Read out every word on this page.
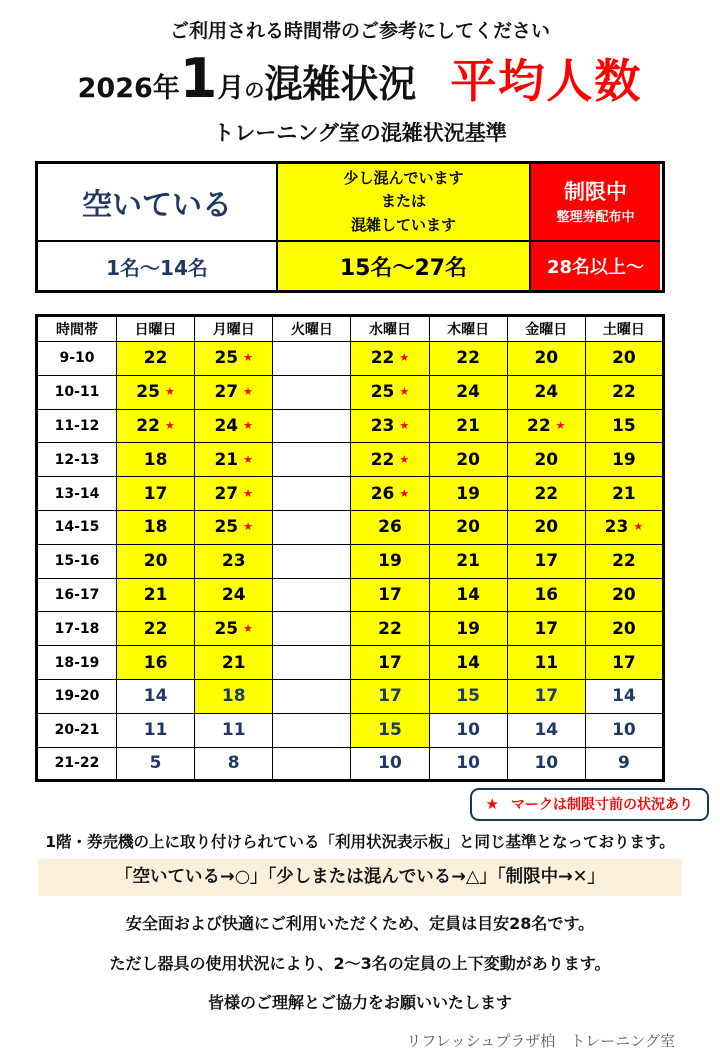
ご利用される時間帯のご参考にしてください
2026年 1 月 の 混雑状況 平均人数
トレーニング室の混雑状況基準
空いている
少し混んでいます
または
混雑しています
制限中
整理券配布中
1名～14名	15名～27名	28名以上～
時間帯	日曜日	月曜日	火曜日	水曜日	木曜日	金曜日	土曜日
9-10	22	25 ★		22 ★	22	20	20
10-11	25 ★	27 ★		25 ★	24	24	22
11-12	22 ★	24 ★		23 ★	21	22 ★	15
12-13	18	21 ★		22 ★	20	20	19
13-14	17	27 ★		26 ★	19	22	21
14-15	18	25 ★		26	20	20	23 ★
15-16	20	23		19	21	17	22
16-17	21	24		17	14	16	20
17-18	22	25 ★		22	19	17	20
18-19	16	21		17	14	11	17
19-20	14	18		17	15	17	14
20-21	11	11		15	10	14	10
21-22	5	8		10	10	10	9
★ マークは制限寸前の状況あり
1階・券売機の上に取り付けられている「利用状況表示板」と同じ基準となっております。
「空いている→○」「少しまたは混んでいる→△」「制限中→✕」
安全面および快適にご利用いただくため、定員は目安28名です。
ただし器具の使用状況により、2～3名の定員の上下変動があります。
皆様のご理解とご協力をお願いいたします
リフレッシュプラザ柏　トレーニング室
